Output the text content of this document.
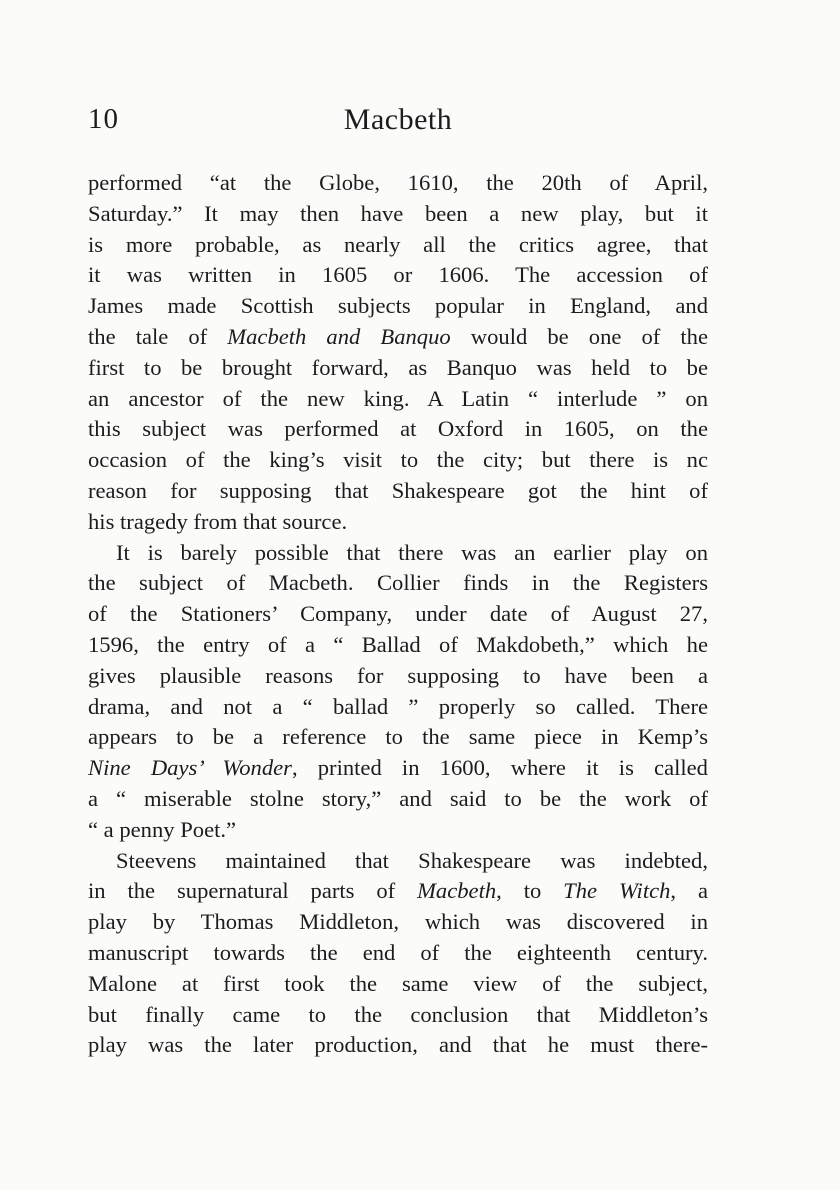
10	Macbeth
performed “at the Globe, 1610, the 20th of April,
Saturday.” It may then have been a new play, but it
is more probable, as nearly all the critics agree, that
it was written in 1605 or 1606. The accession of
James made Scottish subjects popular in England, and
the tale of Macbeth and Banquo would be one of the
first to be brought forward, as Banquo was held to be
an ancestor of the new king. A Latin “ interlude ” on
this subject was performed at Oxford in 1605, on the
occasion of the king’s visit to the city; but there is nc
reason for supposing that Shakespeare got the hint of
his tragedy from that source.
It is barely possible that there was an earlier play on
the subject of Macbeth. Collier finds in the Registers
of the Stationers’ Company, under date of August 27,
1596, the entry of a “ Ballad of Makdobeth,” which he
gives plausible reasons for supposing to have been a
drama, and not a “ ballad ” properly so called. There
appears to be a reference to the same piece in Kemp’s
Nine Days’ Wonder, printed in 1600, where it is called
a “ miserable stolne story,” and said to be the work of
“ a penny Poet.”
Steevens maintained that Shakespeare was indebted,
in the supernatural parts of Macbeth, to The Witch, a
play by Thomas Middleton, which was discovered in
manuscript towards the end of the eighteenth century.
Malone at first took the same view of the subject,
but finally came to the conclusion that Middleton’s
play was the later production, and that he must there-
